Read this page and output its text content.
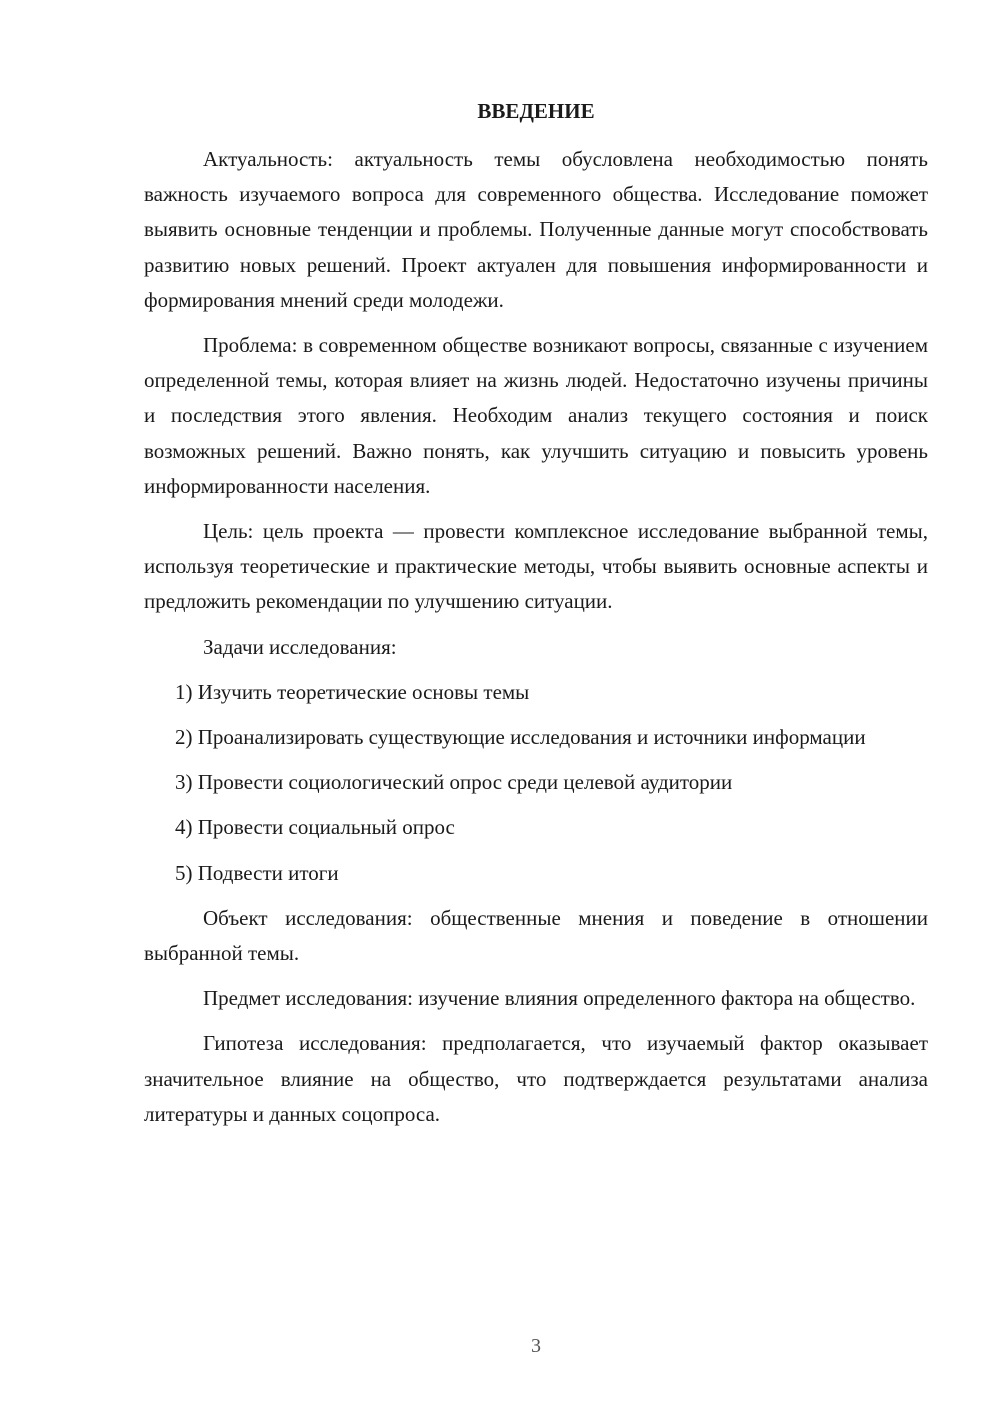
ВВЕДЕНИЕ

Актуальность: актуальность темы обусловлена необходимостью понять важность изучаемого вопроса для современного общества. Исследование поможет выявить основные тенденции и проблемы. Полученные данные могут способствовать развитию новых решений. Проект актуален для повышения информированности и формирования мнений среди молодежи.

Проблема: в современном обществе возникают вопросы, связанные с изучением определенной темы, которая влияет на жизнь людей. Недостаточно изучены причины и последствия этого явления. Необходим анализ текущего состояния и поиск возможных решений. Важно понять, как улучшить ситуацию и повысить уровень информированности населения.

Цель: цель проекта — провести комплексное исследование выбранной темы, используя теоретические и практические методы, чтобы выявить основные аспекты и предложить рекомендации по улучшению ситуации.

Задачи исследования:

1) Изучить теоретические основы темы

2) Проанализировать существующие исследования и источники информации

3) Провести социологический опрос среди целевой аудитории

4) Провести социальный опрос

5) Подвести итоги

Объект исследования: общественные мнения и поведение в отношении выбранной темы.

Предмет исследования: изучение влияния определенного фактора на общество.

Гипотеза исследования: предполагается, что изучаемый фактор оказывает значительное влияние на общество, что подтверждается результатами анализа литературы и данных соцопроса.

3
